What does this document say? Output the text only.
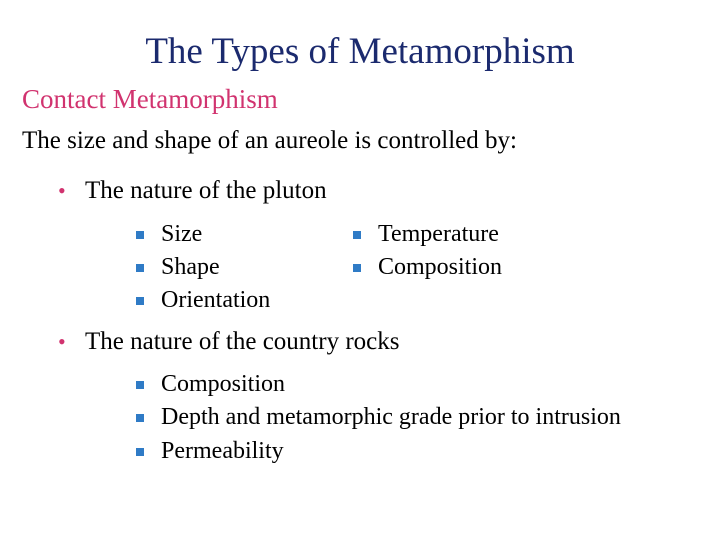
The Types of Metamorphism
Contact Metamorphism
The size and shape of an aureole is controlled by:
• The nature of the pluton
Size	Temperature
Shape	Composition
Orientation
• The nature of the country rocks
Composition
Depth and metamorphic grade prior to intrusion
Permeability
